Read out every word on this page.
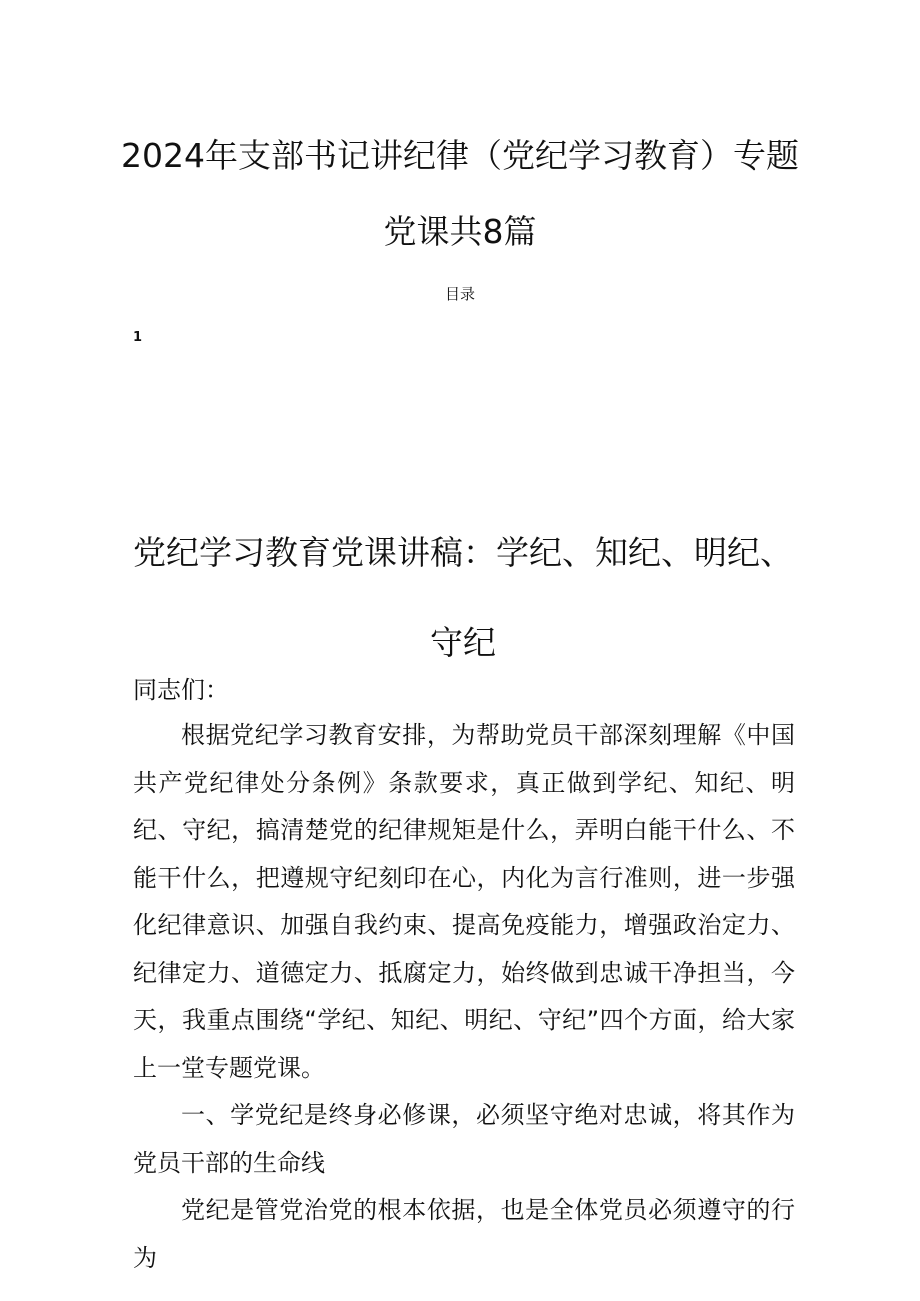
2024年支部书记讲纪律（党纪学习教育）专题党课共8篇
目录
1
党纪学习教育党课讲稿：学纪、知纪、明纪、
守纪
同志们：

根据党纪学习教育安排，为帮助党员干部深刻理解《中国共产党纪律处分条例》条款要求，真正做到学纪、知纪、明纪、守纪，搞清楚党的纪律规矩是什么，弄明白能干什么、不能干什么，把遵规守纪刻印在心，内化为言行准则，进一步强化纪律意识、加强自我约束、提高免疫能力，增强政治定力、纪律定力、道德定力、抵腐定力，始终做到忠诚干净担当，今天，我重点围绕“学纪、知纪、明纪、守纪”四个方面，给大家上一堂专题党课。

一、学党纪是终身必修课，必须坚守绝对忠诚，将其作为党员干部的生命线

党纪是管党治党的根本依据，也是全体党员必须遵守的行为
